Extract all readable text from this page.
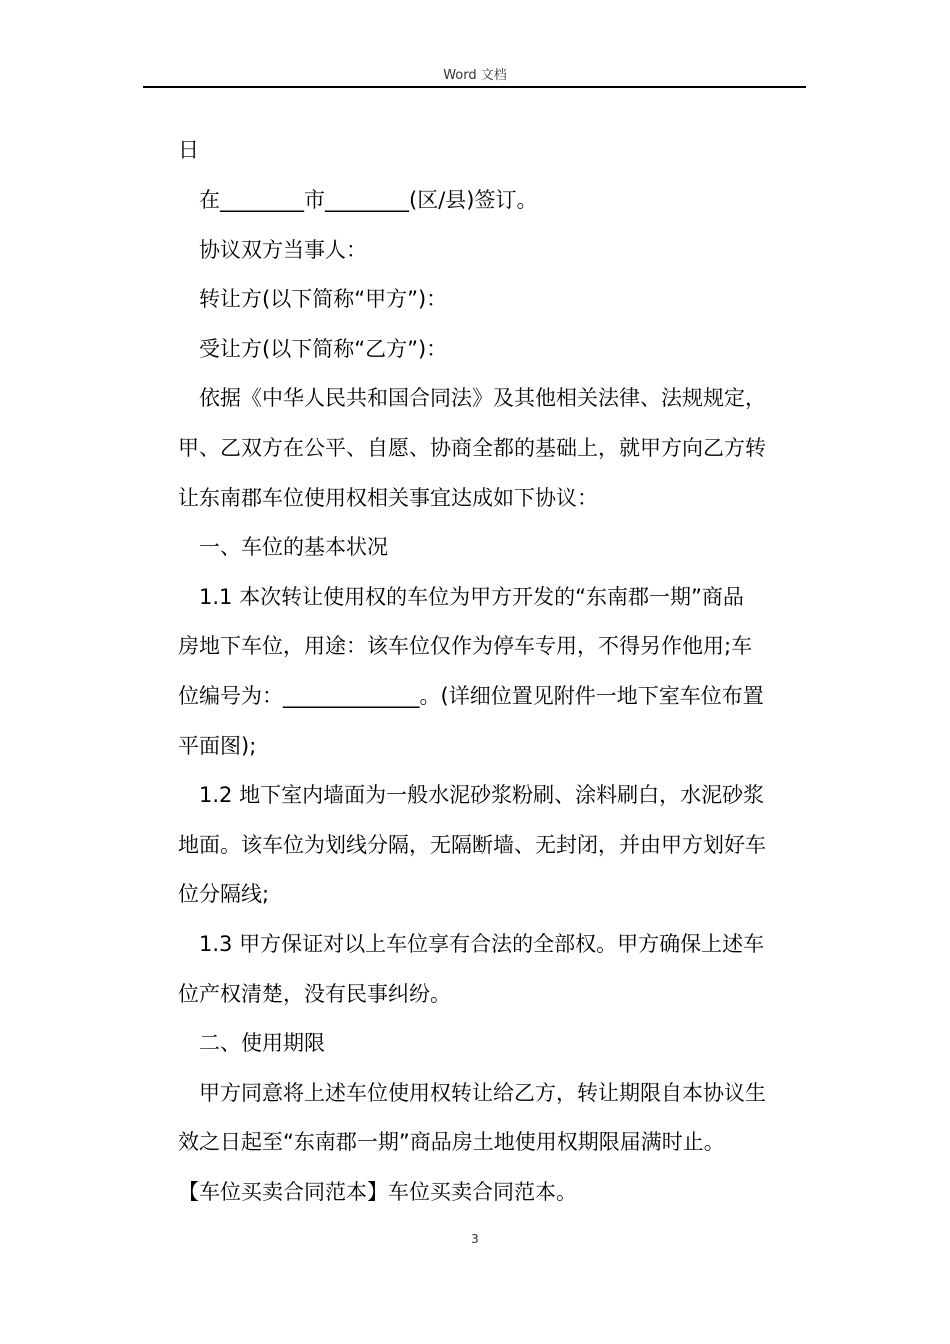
Word 文档
日
在________市________(区/县)签订。
协议双方当事人：
转让方(以下简称“甲方”)：
受让方(以下简称“乙方”)：
依据《中华人民共和国合同法》及其他相关法律、法规规定，
甲、乙双方在公平、自愿、协商全都的基础上，就甲方向乙方转
让东南郡车位使用权相关事宜达成如下协议：
一、车位的基本状况
1.1 本次转让使用权的车位为甲方开发的“东南郡一期”商品
房地下车位，用途：该车位仅作为停车专用，不得另作他用;车
位编号为：_____________。(详细位置见附件一地下室车位布置
平面图);
1.2 地下室内墙面为一般水泥砂浆粉刷、涂料刷白，水泥砂浆
地面。该车位为划线分隔，无隔断墙、无封闭，并由甲方划好车
位分隔线;
1.3 甲方保证对以上车位享有合法的全部权。甲方确保上述车
位产权清楚，没有民事纠纷。
二、使用期限
甲方同意将上述车位使用权转让给乙方，转让期限自本协议生
效之日起至“东南郡一期”商品房土地使用权期限届满时止。
【车位买卖合同范本】车位买卖合同范本。
3
